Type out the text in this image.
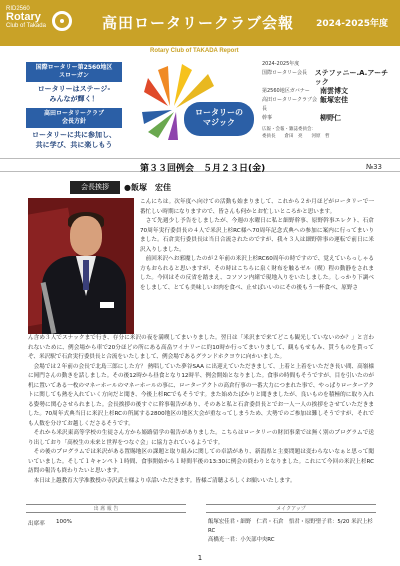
RID2560
Rotary
Club of Takada	高田ロータリークラブ会報 2024-2025年度
Rotary Club of TAKADA Report
国際ロータリー第2560地区
スローガン
ロータリーはステージ-
みんなが輝く！
高田ロータリークラブ
会長方針
ロータリーに共に参加し、
共に学び、共に楽しもう
ロータリーの
マジック
2024-2025年度
国際ロータリー会長	ステファニー.A.アーチック
第2560地区ガバナー	南雲博文
高田ロータリークラブ会長
飯塚宏佳
幹事	柳野仁
広報・会報・雑誌委員会：
委員長　　倉田　亮　　河原　哲
第３３回例会　５月２３日(金)	№33
会長挨拶	●飯塚　宏佳
こんにちは。次年度へ向けての活動も始まりまして、これから２か月ほどがロータリーで一番忙しい時期になりますので、皆さんも何かとお忙しいところかと思います。
　さて先週少し予告をしましたが、今週の水曜日に私と細野幹事、原野幹事エレクト、石倉70周年実行委員長の４人で米沢上杉RC様へ70周年記念式典への参加に案内に行ってまいりました。石倉実行委員長は当日合流されたのですが、我々３人は細野幹事の運転で前日に米沢入りしました。
　前回米沢へお邪魔したのが２年前の米沢上杉RC60周年の時ですので、覚えていらっしゃる方もおられると思いますが、その時はこちらに泉く財布を触るゼル（喫）程の動静をされました。今回はその反省を踏まえ、コソソン内緒で現地入りをいたしました。しっかり下調べをしまして、とても美味しいお肉を食べ、止せばいいのにその後もう一杯食べ、原野さ
ん含め３人でスナックまで行き、存分に米沢の夜を満喫してまいりました。翌日は「米沢まで来てどこも観光していないのか？」と言われないために、例会場から車で20分ほどの所にある高畠ワイナリーに約10時か行ってまいりまして、観ももせもみ、貰うものを貰ってぞ、米沢駅で石倉実行委員長と合流をいたしまして、例会場であるグランドホクヨウに向かいました。
　会場では２年前の会長で北島三郎にした方？ 熱唱していた夢谷SAA に出迎えていただきまして、上着と上着をいただき長い間、高嶺様に岡門さんの動きを話しました。その後12時から昼食となり12時半、例会開始となりました。食事の時間もそうですが、目を引いたのが机に置いてある一枚のマネーホールのマネーホールの事に、ローターアクトの高倉行事の一番大力につまれた事で、やっぱりローターアクトに関しても熱を入れていく方向だと聞き、今後上杉RCでもそうです。また始めたばかりと聞きましたが、良いものを積極的に取り入れる姿勢に関心させられました。会長挨拶の後すぐに幹事報告があり、そのあと私と石倉委員長とでお一人一人の挨拶をさせていただきました。70周年式典当日に米沢上杉RCの所属する2800地区の地区大会が重なってしまうため、大勢でのご参加は難しそうですが、それでも人数を分けてお越しくださるそうです。
　それから米沢東高等学校の生徒さん方から姫路留学の報告がありました。こちらはロータリーの財団事業では無く別のプログラムで送り出しており「高校生の未来と世界をつなぐ会」に協力されているようです。
　その後のプログラムでは米沢がある置賜地区の課題と取り組みに関しての卓話があり、新潟県と主要問題は変わらないなぁと思って聞いていました。そして１キャンペト１時間、食事開始から１時間半後の13:30に例会の終わりとなりました。これにて今回の米沢上杉RC訪問の報告も終わりたいと思います。
　本日は上越教育大学准教授の寺沢武士様より卓話いただきます。皆様ご清聴よろしくお願いいたします。
出 席 報 告	メイクアップ
出席率 100%	飯塚宏佳君・細野　仁君・石倉　悟君・原野聖子君：5/20 米沢上杉RC
高橋光一君：小矢部中央RC
1
